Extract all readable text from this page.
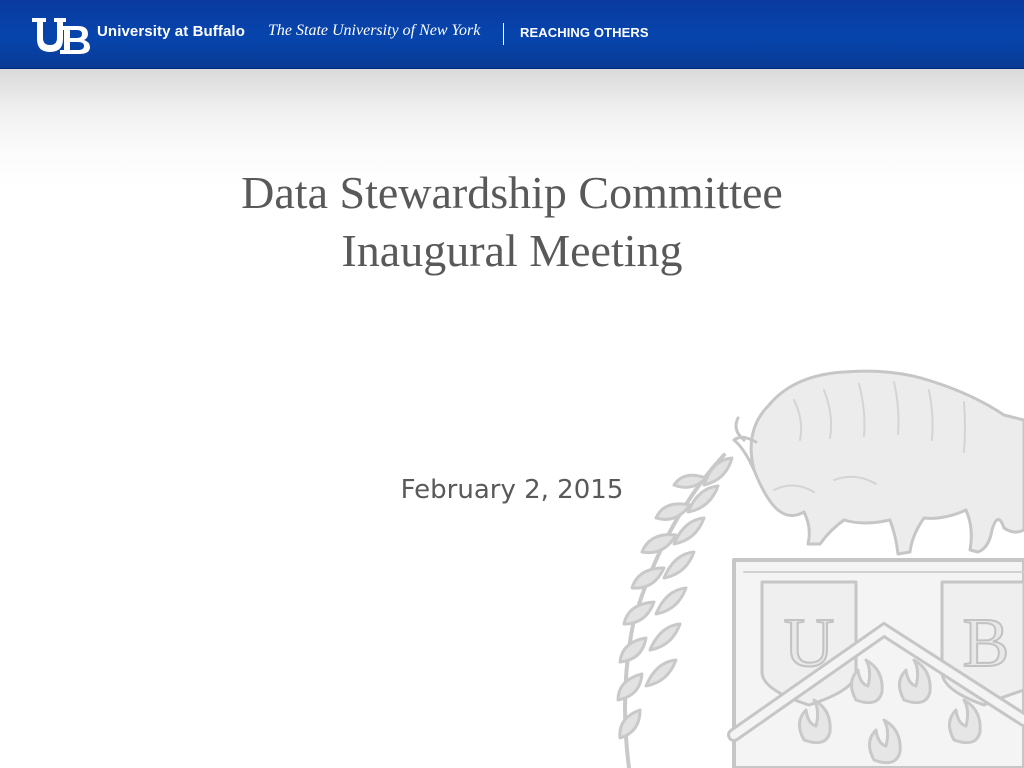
University at Buffalo The State University of New York	REACHING OTHERS
U B
Data Stewardship Committee
Inaugural Meeting
February 2, 2015
